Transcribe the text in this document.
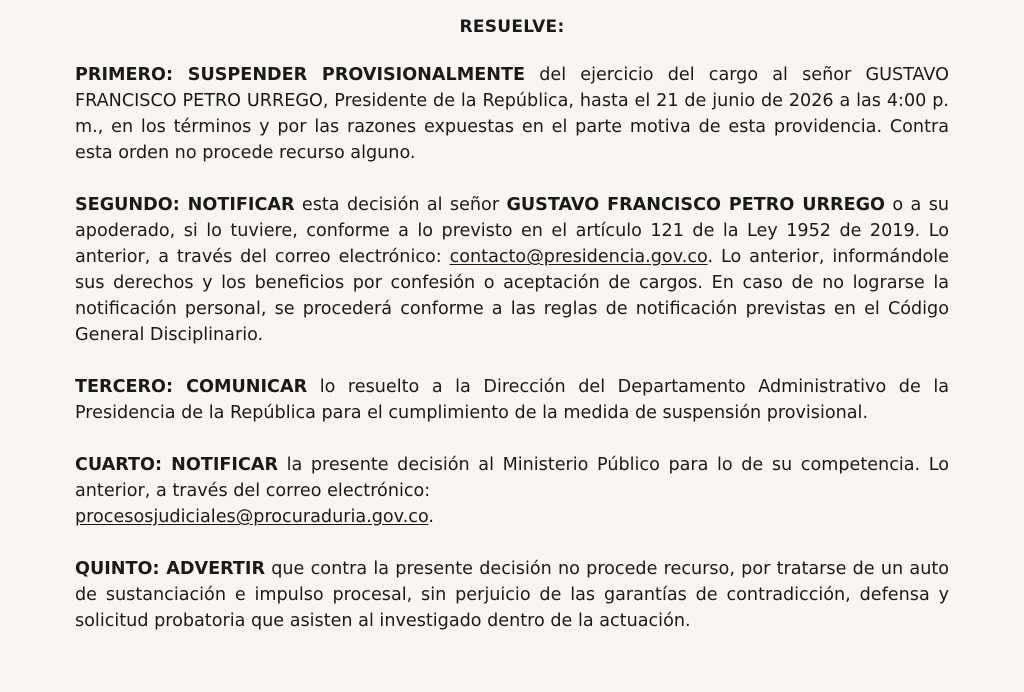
RESUELVE:

PRIMERO: SUSPENDER PROVISIONALMENTE del ejercicio del cargo al señor GUSTAVO FRANCISCO PETRO URREGO, Presidente de la República, hasta el 21 de junio de 2026 a las 4:00 p. m., en los términos y por las razones expuestas en el parte motiva de esta providencia. Contra esta orden no procede recurso alguno.

SEGUNDO: NOTIFICAR esta decisión al señor GUSTAVO FRANCISCO PETRO URREGO o a su apoderado, si lo tuviere, conforme a lo previsto en el artículo 121 de la Ley 1952 de 2019. Lo anterior, a través del correo electrónico: contacto@presidencia.gov.co. Lo anterior, informándole sus derechos y los beneficios por confesión o aceptación de cargos. En caso de no lograrse la notificación personal, se procederá conforme a las reglas de notificación previstas en el Código General Disciplinario.

TERCERO: COMUNICAR lo resuelto a la Dirección del Departamento Administrativo de la Presidencia de la República para el cumplimiento de la medida de suspensión provisional.

CUARTO: NOTIFICAR la presente decisión al Ministerio Público para lo de su competencia. Lo anterior, a través del correo electrónico:
procesosjudiciales@procuraduria.gov.co.

QUINTO: ADVERTIR que contra la presente decisión no procede recurso, por tratarse de un auto de sustanciación e impulso procesal, sin perjuicio de las garantías de contradicción, defensa y solicitud probatoria que asisten al investigado dentro de la actuación.
